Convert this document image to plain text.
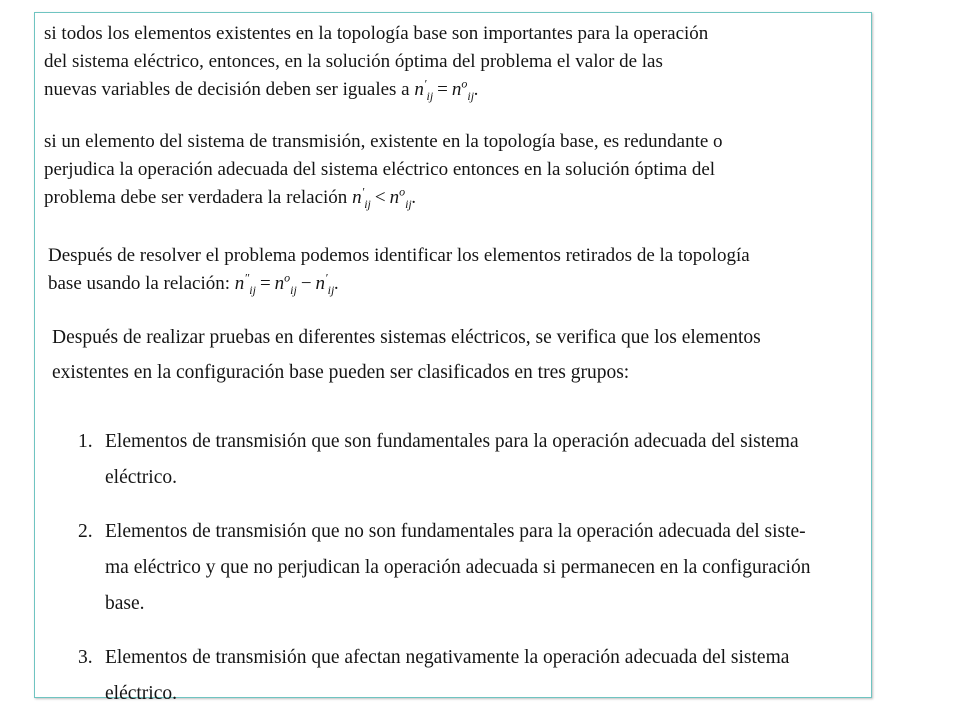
si todos los elementos existentes en la topología base son importantes para la operación
del sistema eléctrico, entonces, en la solución óptima del problema el valor de las
nuevas variables de decisión deben ser iguales a $n'_{ij} = n^o_{ij}$.

si un elemento del sistema de transmisión, existente en la topología base, es redundante o
perjudica la operación adecuada del sistema eléctrico entonces en la solución óptima del
problema debe ser verdadera la relación $n'_{ij} < n^o_{ij}$.

Después de resolver el problema podemos identificar los elementos retirados de la topología
base usando la relación: $n''_{ij} = n^o_{ij} - n'_{ij}$.

Después de realizar pruebas en diferentes sistemas eléctricos, se verifica que los elementos
existentes en la configuración base pueden ser clasificados en tres grupos:

1. Elementos de transmisión que son fundamentales para la operación adecuada del sistema
eléctrico.
2. Elementos de transmisión que no son fundamentales para la operación adecuada del siste-
ma eléctrico y que no perjudican la operación adecuada si permanecen en la configuración
base.
3. Elementos de transmisión que afectan negativamente la operación adecuada del sistema
eléctrico.
